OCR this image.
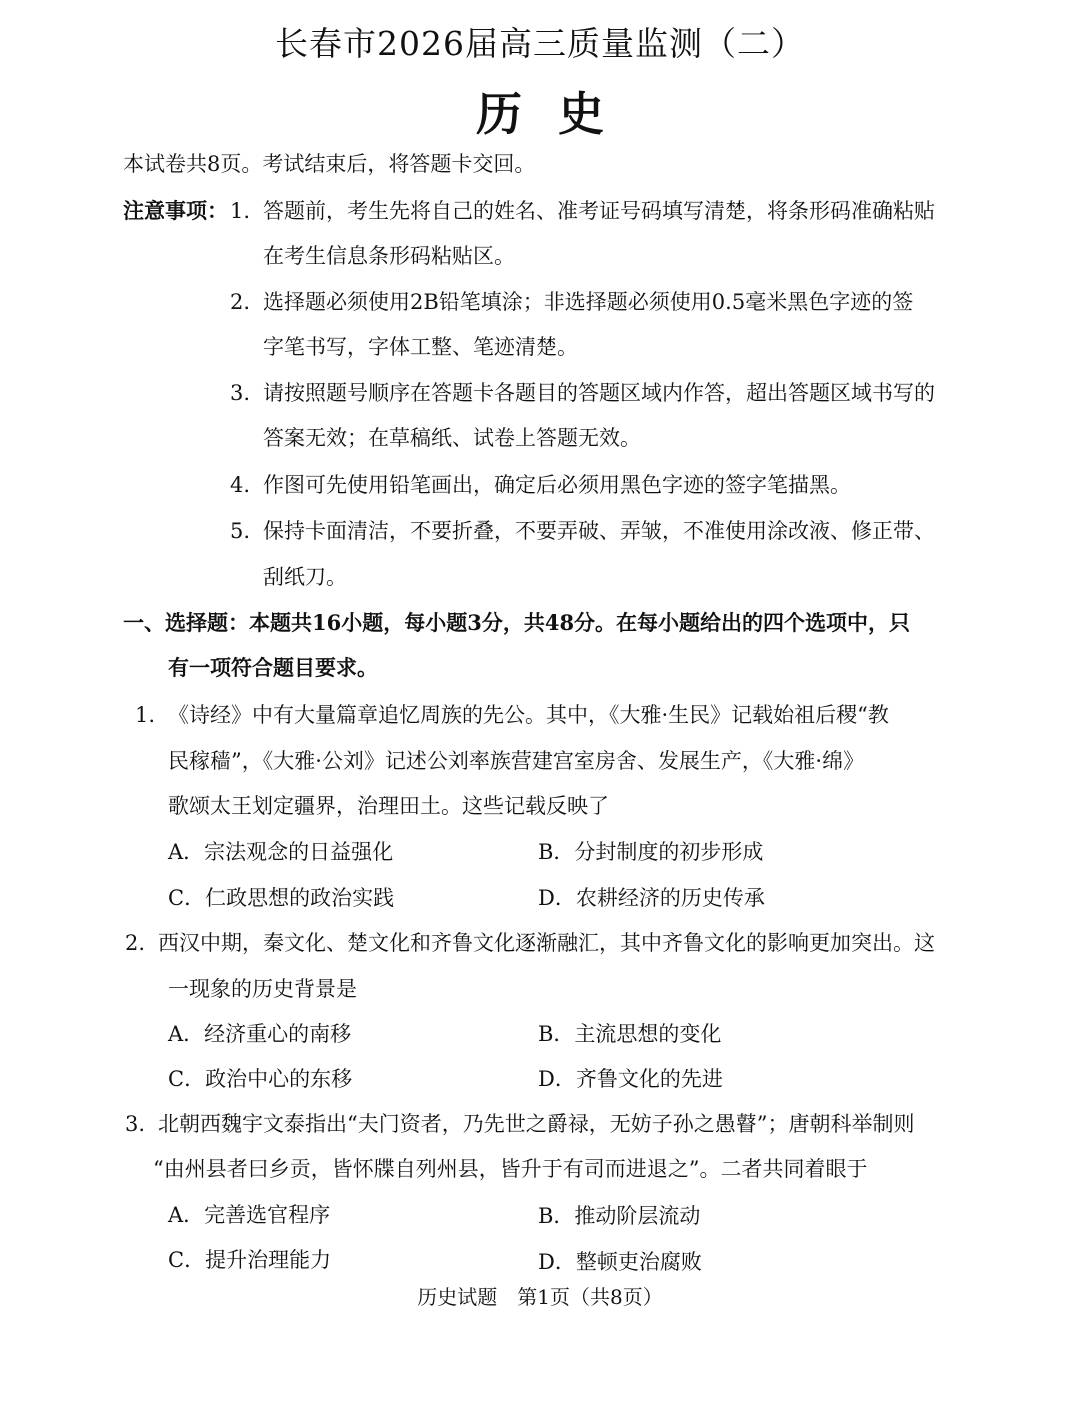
长春市2026届高三质量监测（二）
历史
本试卷共8页。考试结束后，将答题卡交回。
注意事项： 1. 答题前，考生先将自己的姓名、准考证号码填写清楚，将条形码准确粘贴
在考生信息条形码粘贴区。
2. 选择题必须使用2B铅笔填涂；非选择题必须使用0.5毫米黑色字迹的签
字笔书写，字体工整、笔迹清楚。
3. 请按照题号顺序在答题卡各题目的答题区域内作答，超出答题区域书写的
答案无效；在草稿纸、试卷上答题无效。
4. 作图可先使用铅笔画出，确定后必须用黑色字迹的签字笔描黑。
5. 保持卡面清洁，不要折叠，不要弄破、弄皱，不准使用涂改液、修正带、
刮纸刀。
一、选择题：本题共16小题，每小题3分，共48分。在每小题给出的四个选项中，只
有一项符合题目要求。
1. 《诗经》中有大量篇章追忆周族的先公。其中，《大雅·生民》记载始祖后稷“教
民稼穑”，《大雅·公刘》记述公刘率族营建宫室房舍、发展生产，《大雅·绵》
歌颂太王划定疆界，治理田土。这些记载反映了
A．宗法观念的日益强化	B．分封制度的初步形成
C．仁政思想的政治实践	D．农耕经济的历史传承
2. 西汉中期，秦文化、楚文化和齐鲁文化逐渐融汇，其中齐鲁文化的影响更加突出。这
一现象的历史背景是
A．经济重心的南移	B．主流思想的变化
C．政治中心的东移	D．齐鲁文化的先进
3. 北朝西魏宇文泰指出“夫门资者，乃先世之爵禄，无妨子孙之愚瞽”；唐朝科举制则
“由州县者曰乡贡，皆怀牒自列州县，皆升于有司而进退之”。二者共同着眼于
A．完善选官程序	B．推动阶层流动
C．提升治理能力	D．整顿吏治腐败
历史试题　第1页（共8页）
